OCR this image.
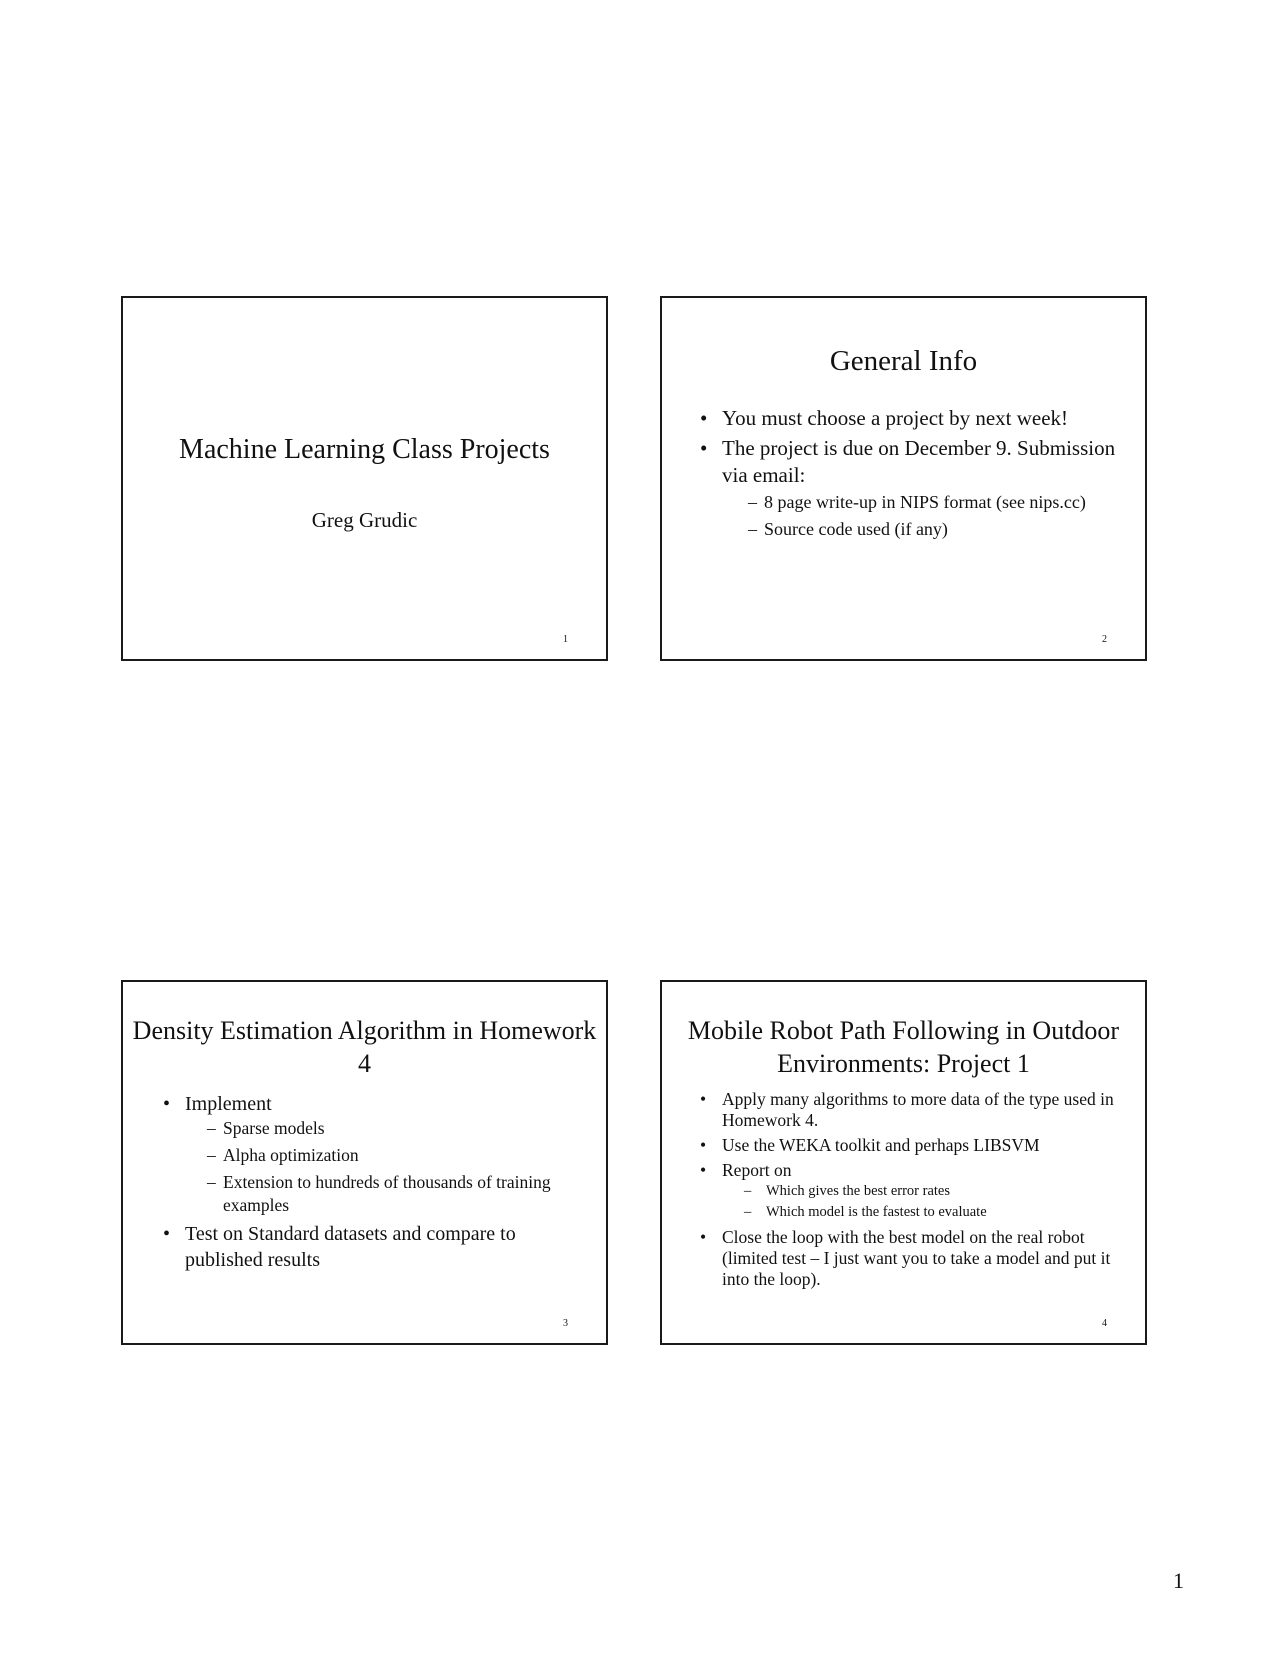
Machine Learning Class Projects
Greg Grudic
1
General Info
• You must choose a project by next week!
• The project is due on December 9. Submission via email:
– 8 page write-up in NIPS format (see nips.cc)
– Source code used (if any)
2
Density Estimation Algorithm in Homework 4
• Implement
– Sparse models
– Alpha optimization
– Extension to hundreds of thousands of training examples
• Test on Standard datasets and compare to published results
3
Mobile Robot Path Following in Outdoor Environments: Project 1
• Apply many algorithms to more data of the type used in Homework 4.
• Use the WEKA toolkit and perhaps LIBSVM
• Report on
– Which gives the best error rates
– Which model is the fastest to evaluate
• Close the loop with the best model on the real robot (limited test – I just want you to take a model and put it into the loop).
4
1
